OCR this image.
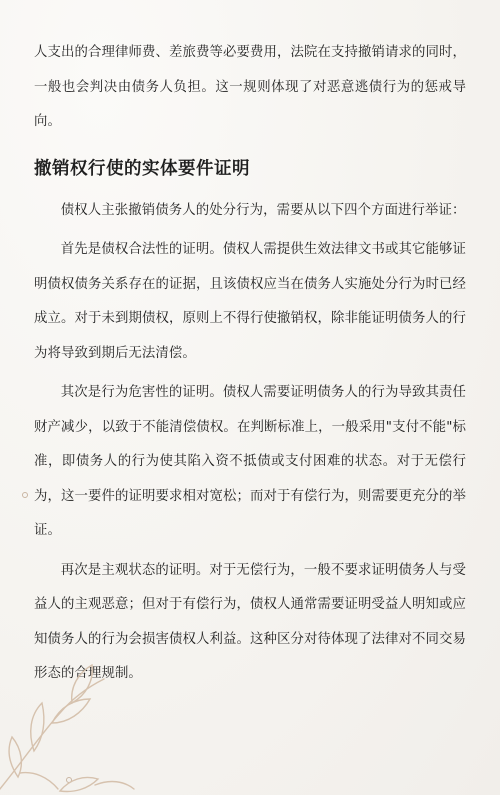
人支出的合理律师费、差旅费等必要费用，法院在支持撤销请求的同时，一般也会判决由债务人负担。这一规则体现了对恶意逃债行为的惩戒导向。

撤销权行使的实体要件证明

债权人主张撤销债务人的处分行为，需要从以下四个方面进行举证：

首先是债权合法性的证明。债权人需提供生效法律文书或其它能够证明债权债务关系存在的证据，且该债权应当在债务人实施处分行为时已经成立。对于未到期债权，原则上不得行使撤销权，除非能证明债务人的行为将导致到期后无法清偿。

其次是行为危害性的证明。债权人需要证明债务人的行为导致其责任财产减少，以致于不能清偿债权。在判断标准上，一般采用"支付不能"标准，即债务人的行为使其陷入资不抵债或支付困难的状态。对于无偿行为，这一要件的证明要求相对宽松；而对于有偿行为，则需要更充分的举证。

再次是主观状态的证明。对于无偿行为，一般不要求证明债务人与受益人的主观恶意；但对于有偿行为，债权人通常需要证明受益人明知或应知债务人的行为会损害债权人利益。这种区分对待体现了法律对不同交易形态的合理规制。
